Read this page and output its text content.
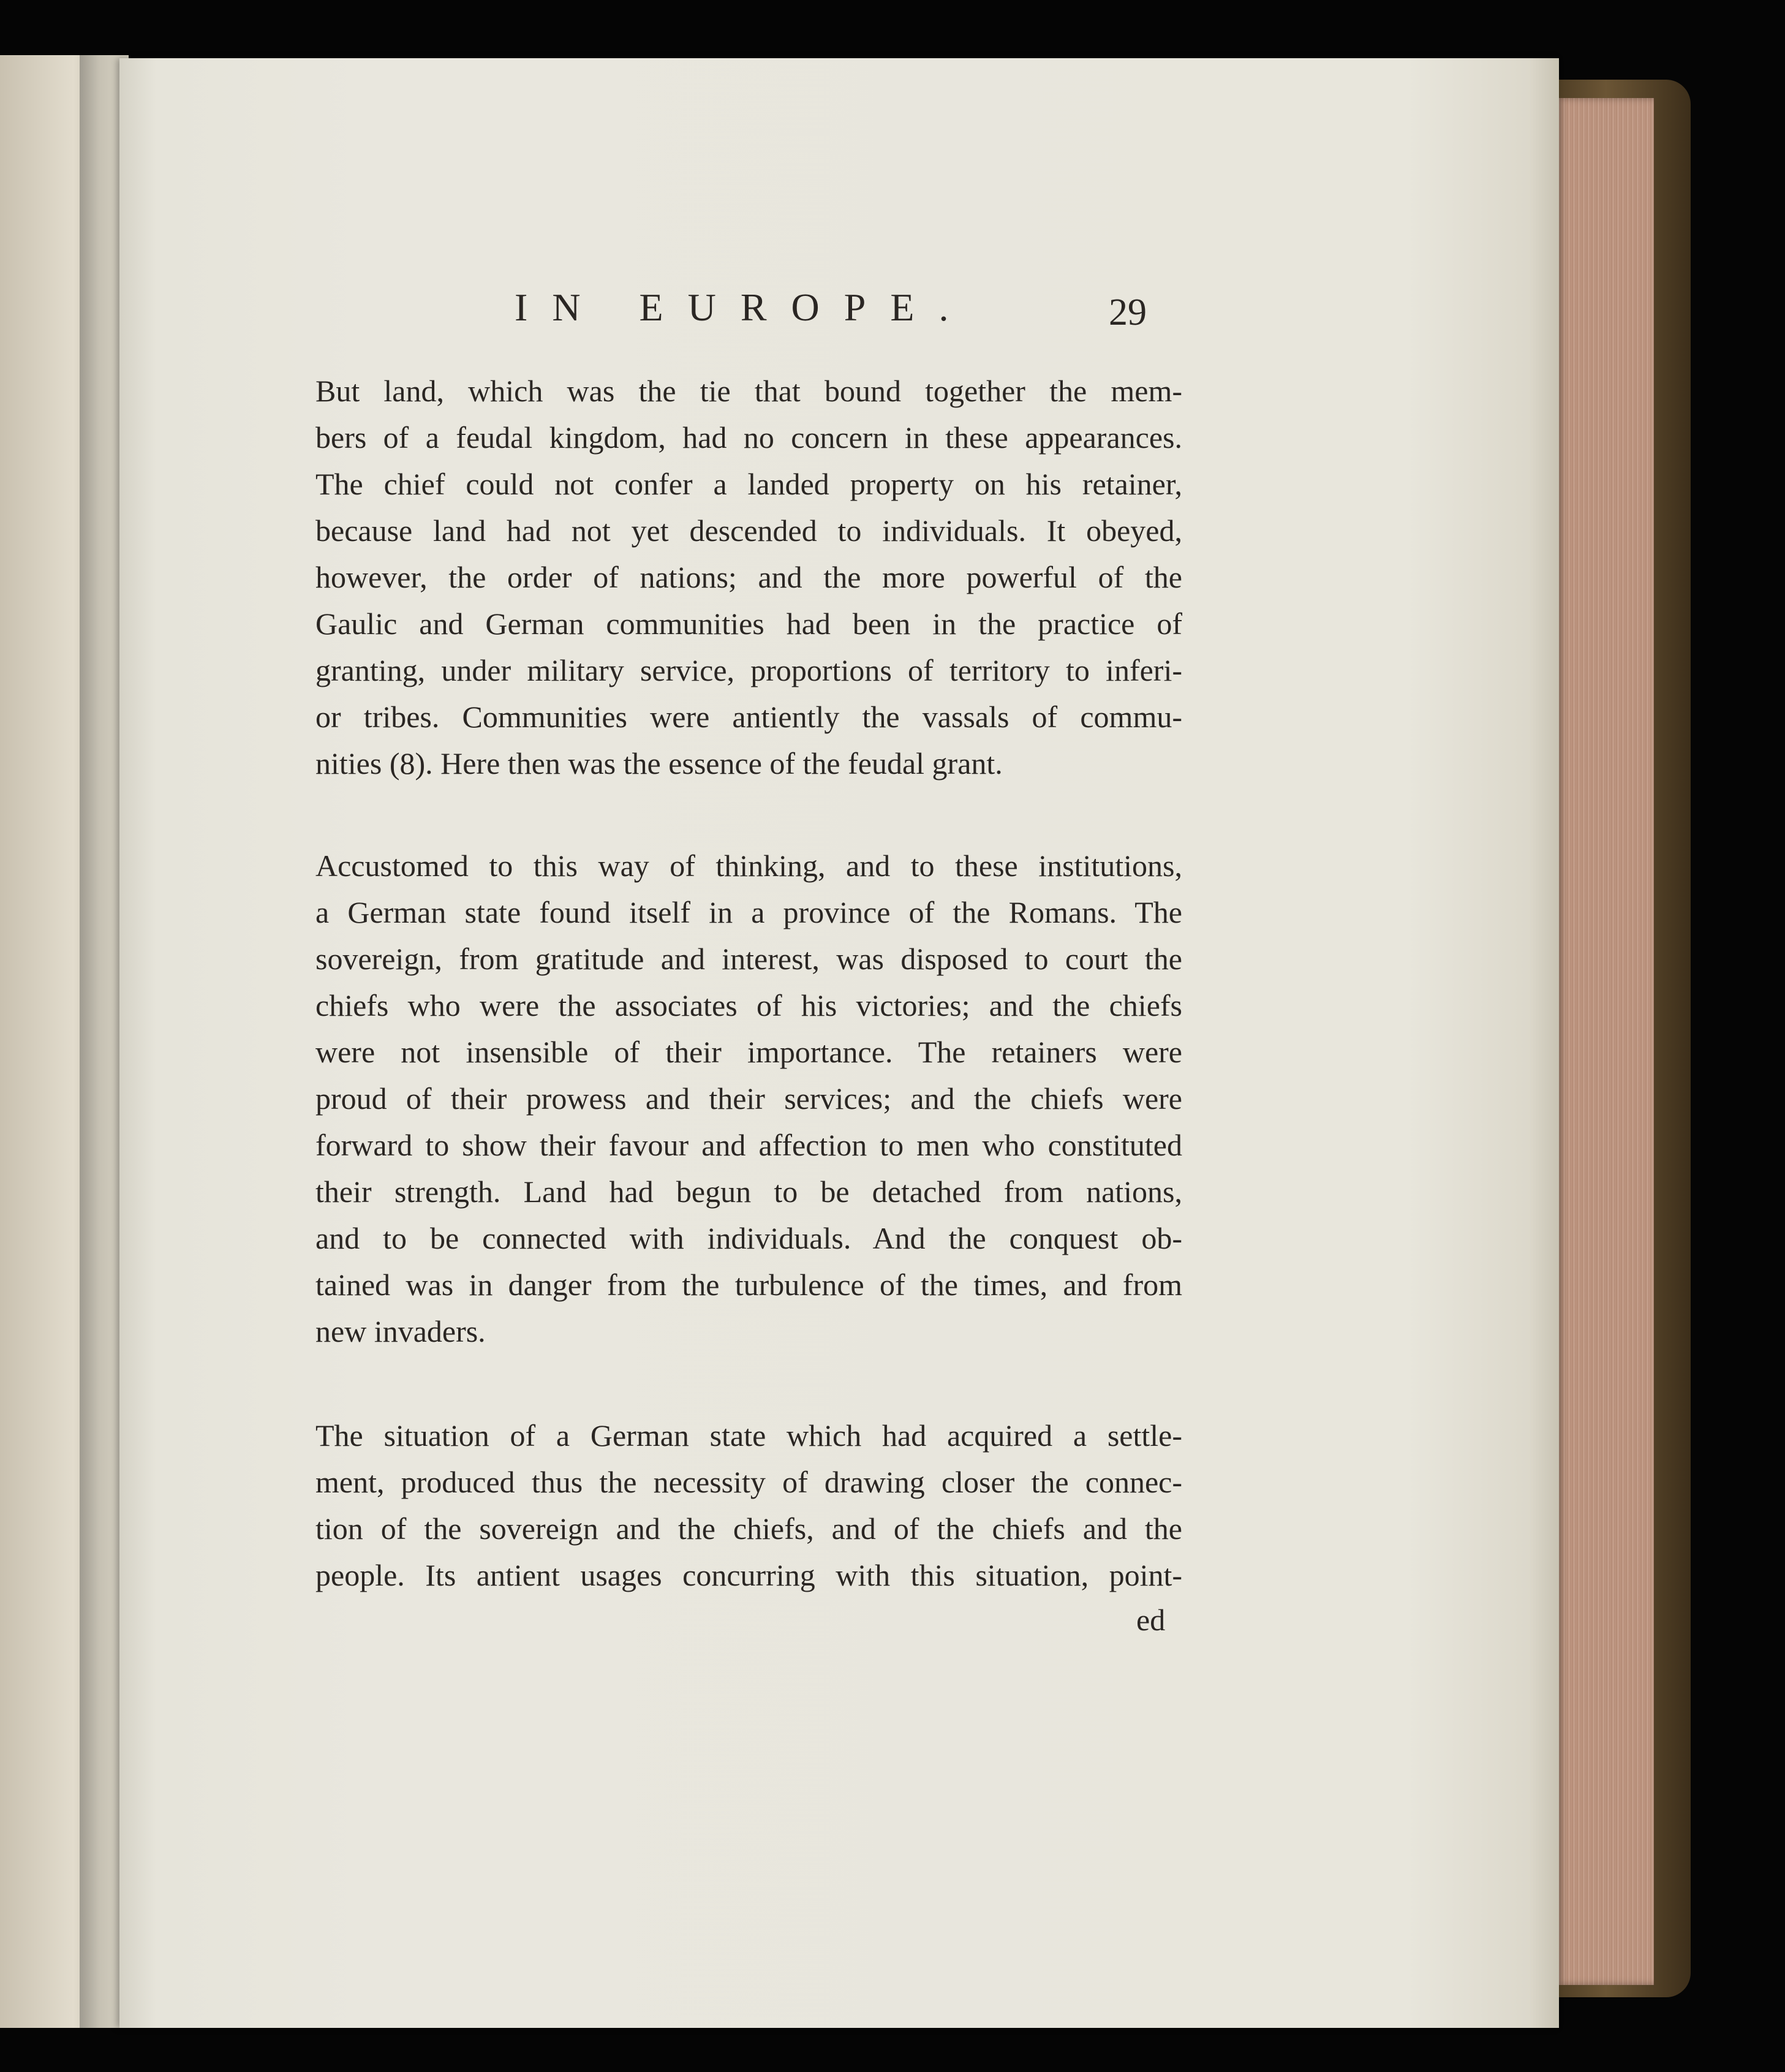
IN EUROPE.	29
But land, which was the tie that bound together the mem-
bers of a feudal kingdom, had no concern in these appearances.
The chief could not confer a landed property on his retainer,
because land had not yet descended to individuals. It obeyed,
however, the order of nations; and the more powerful of the
Gaulic and German communities had been in the practice of
granting, under military service, proportions of territory to inferi-
or tribes. Communities were antiently the vassals of commu-
nities (8). Here then was the essence of the feudal grant.
Accustomed to this way of thinking, and to these institutions,
a German state found itself in a province of the Romans. The
sovereign, from gratitude and interest, was disposed to court the
chiefs who were the associates of his victories; and the chiefs
were not insensible of their importance. The retainers were
proud of their prowess and their services; and the chiefs were
forward to show their favour and affection to men who constituted
their strength. Land had begun to be detached from nations,
and to be connected with individuals. And the conquest ob-
tained was in danger from the turbulence of the times, and from
new invaders.
The situation of a German state which had acquired a settle-
ment, produced thus the necessity of drawing closer the connec-
tion of the sovereign and the chiefs, and of the chiefs and the
people. Its antient usages concurring with this situation, point-
ed
